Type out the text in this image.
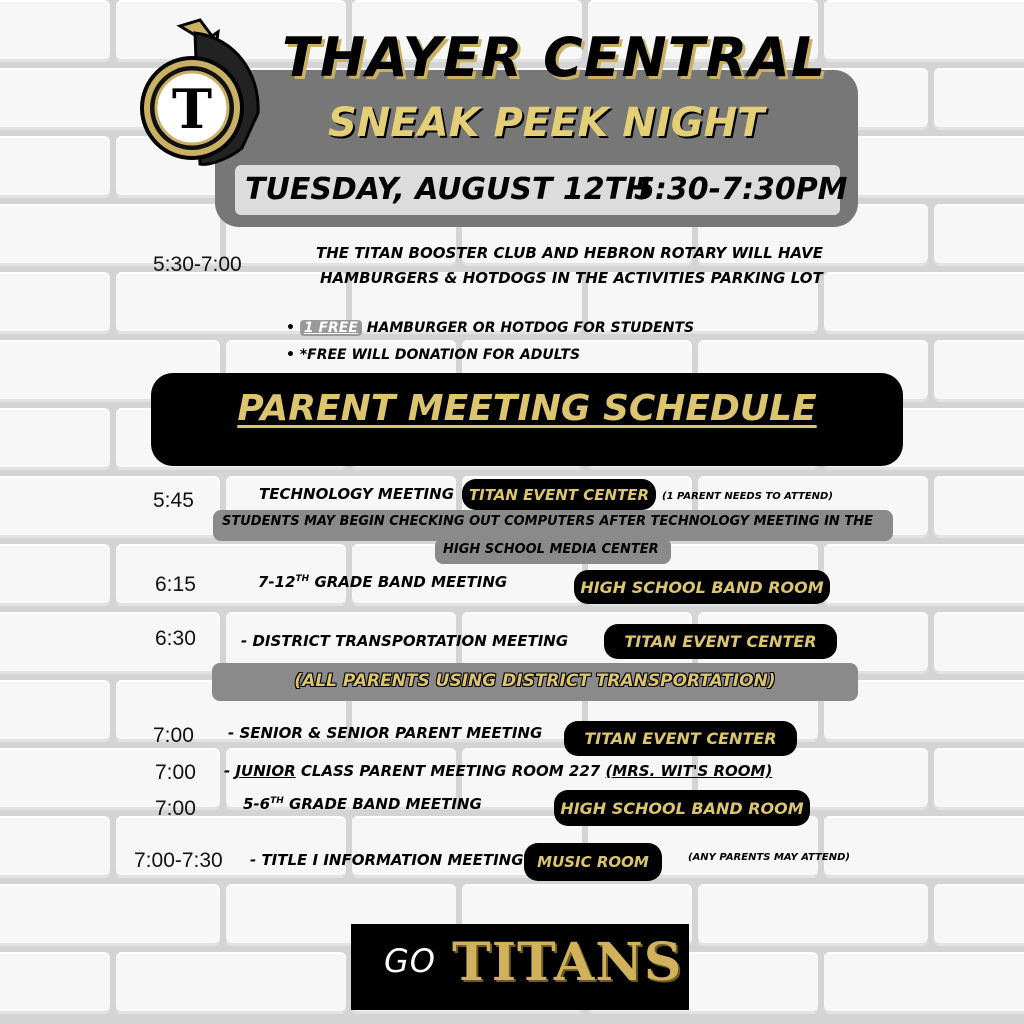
THAYER CENTRAL
SNEAK PEEK NIGHT
TUESDAY, AUGUST 12TH
5:30-7:30PM
T
5:30-7:00	THE TITAN BOOSTER CLUB AND HEBRON ROTARY WILL HAVE
HAMBURGERS & HOTDOGS IN THE ACTIVITIES PARKING LOT
• 1 FREE HAMBURGER OR HOTDOG FOR STUDENTS
• *FREE WILL DONATION FOR ADULTS
PARENT MEETING SCHEDULE
5:45	TECHNOLOGY MEETING TITAN EVENT CENTER	(1 PARENT NEEDS TO ATTEND)
STUDENTS MAY BEGIN CHECKING OUT COMPUTERS AFTER TECHNOLOGY MEETING IN THE
HIGH SCHOOL MEDIA CENTER
6:15	7-12TH GRADE BAND MEETING	HIGH SCHOOL BAND ROOM
6:30	- DISTRICT TRANSPORTATION MEETING	TITAN EVENT CENTER
(ALL PARENTS USING DISTRICT TRANSPORTATION)
7:00 - SENIOR & SENIOR PARENT MEETING	TITAN EVENT CENTER
7:00 - JUNIOR CLASS PARENT MEETING ROOM 227 (MRS. WIT'S ROOM)
7:00	5-6TH GRADE BAND MEETING	HIGH SCHOOL BAND ROOM
7:00-7:30 - TITLE I INFORMATION MEETING MUSIC ROOM	(ANY PARENTS MAY ATTEND)
GO TITANS
